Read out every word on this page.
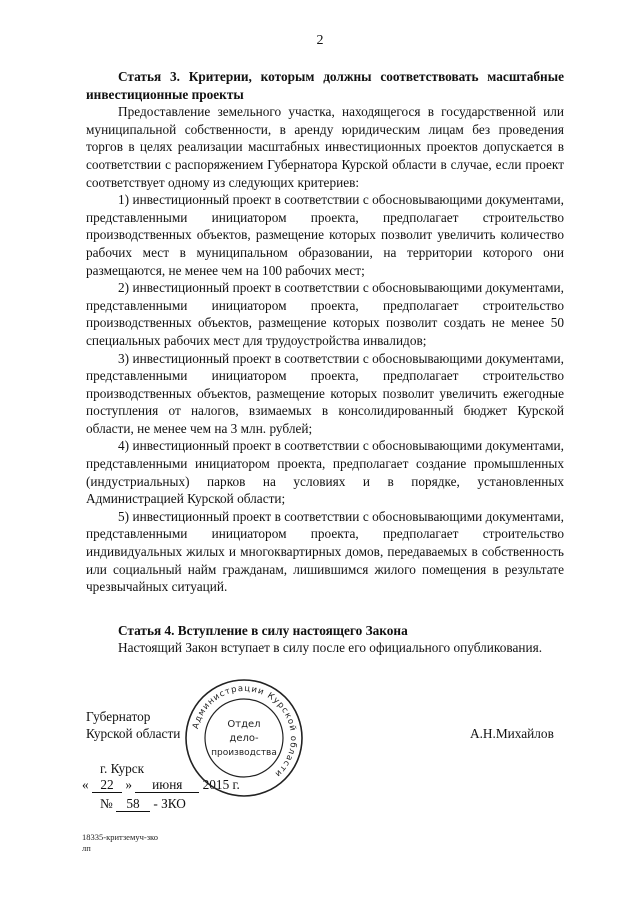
2

Статья 3. Критерии, которым должны соответствовать масштабные инвестиционные проекты

Предоставление земельного участка, находящегося в государственной или муниципальной собственности, в аренду юридическим лицам без проведения торгов в целях реализации масштабных инвестиционных проектов допускается в соответствии с распоряжением Губернатора Курской области в случае, если проект соответствует одному из следующих критериев:

1) инвестиционный проект в соответствии с обосновывающими документами, представленными инициатором проекта, предполагает строительство производственных объектов, размещение которых позволит увеличить количество рабочих мест в муниципальном образовании, на территории которого они размещаются, не менее чем на 100 рабочих мест;

2) инвестиционный проект в соответствии с обосновывающими документами, представленными инициатором проекта, предполагает строительство производственных объектов, размещение которых позволит создать не менее 50 специальных рабочих мест для трудоустройства инвалидов;

3) инвестиционный проект в соответствии с обосновывающими документами, представленными инициатором проекта, предполагает строительство производственных объектов, размещение которых позволит увеличить ежегодные поступления от налогов, взимаемых в консолидированный бюджет Курской области, не менее чем на 3 млн. рублей;

4) инвестиционный проект в соответствии с обосновывающими документами, представленными инициатором проекта, предполагает создание промышленных (индустриальных) парков на условиях и в порядке, установленных Администрацией Курской области;

5) инвестиционный проект в соответствии с обосновывающими документами, представленными инициатором проекта, предполагает строительство индивидуальных жилых и многоквартирных домов, передаваемых в собственность или социальный найм гражданам, лишившимся жилого помещения в результате чрезвычайных ситуаций.

Статья 4. Вступление в силу настоящего Закона

Настоящий Закон вступает в силу после его официального опубликования.

Губернатор
Курской области	А.Н.Михайлов
г. Курск
« 22 » июня 2015 г.
№ 58 - ЗКО
Администрации Курской области
Отдел
дело-
производства
18335-критземуч-зко
лп
